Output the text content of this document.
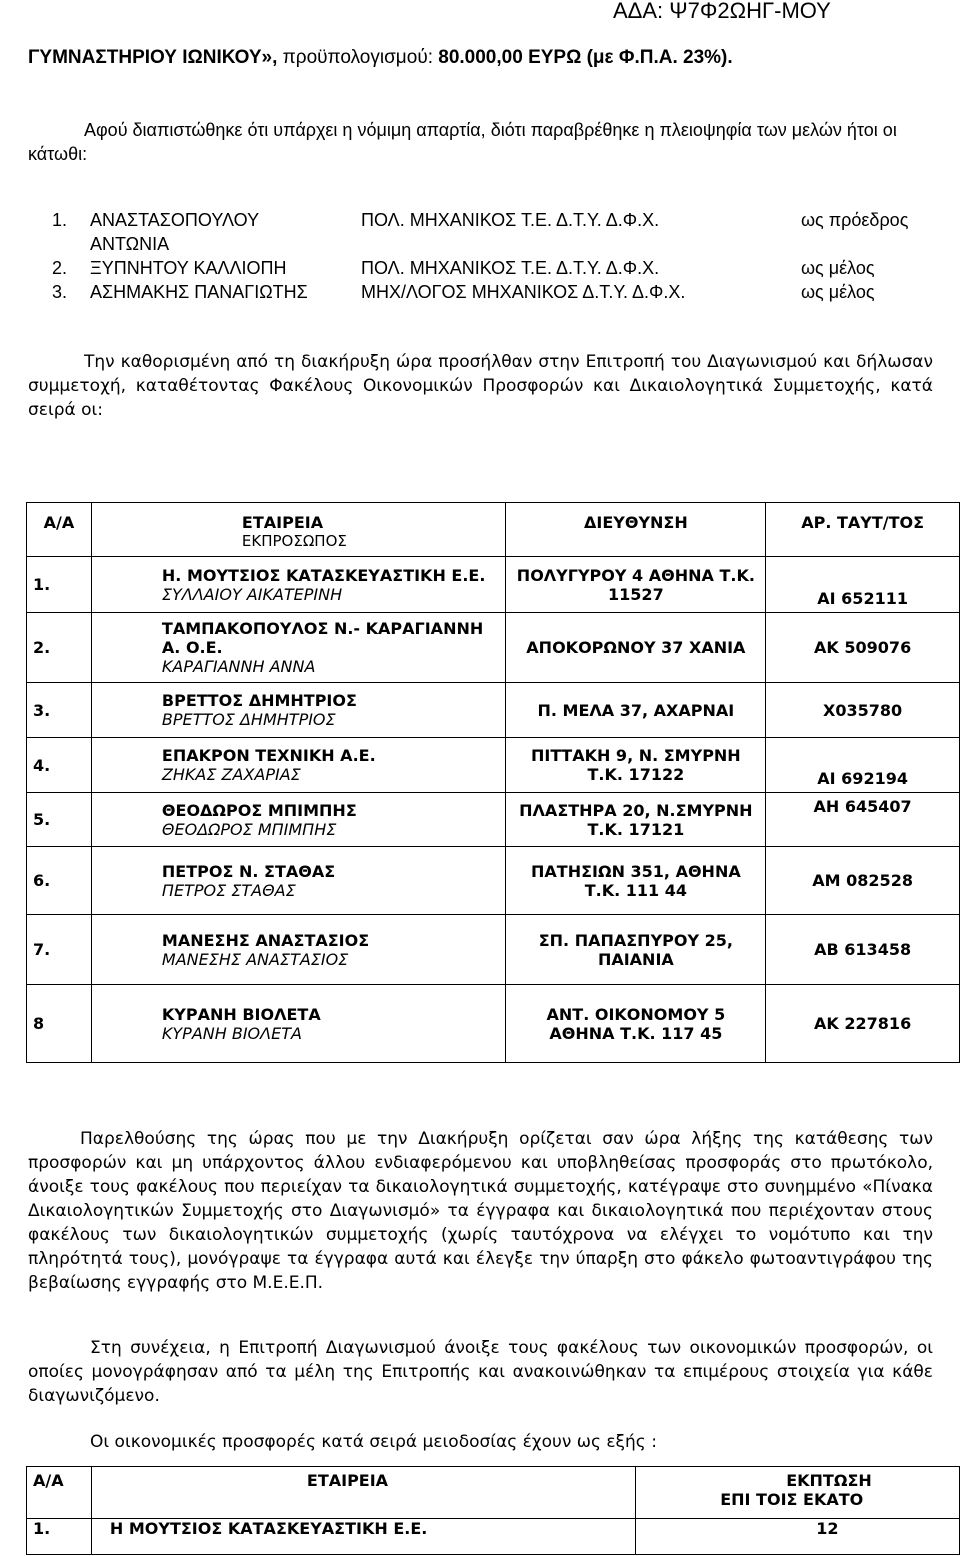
ΑΔΑ: Ψ7Φ2ΩΗΓ-ΜΟΥ
ΓΥΜΝΑΣΤΗΡΙΟΥ ΙΩΝΙΚΟΥ», προϋπολογισμού: 80.000,00 ΕΥΡΩ (με Φ.Π.Α. 23%).
Αφού διαπιστώθηκε ότι υπάρχει η νόμιμη απαρτία, διότι παραβρέθηκε η πλειοψηφία των μελών ήτοι οι κάτωθι:
1. ΑΝΑΣΤΑΣΟΠΟΥΛΟΥ
ΑΝΤΩΝΙΑ
ΠΟΛ. ΜΗΧΑΝΙΚΟΣ Τ.Ε. Δ.Τ.Υ. Δ.Φ.Χ.	ως πρόεδρος
2. ΞΥΠΝΗΤΟΥ ΚΑΛΛΙΟΠΗ	ΠΟΛ. ΜΗΧΑΝΙΚΟΣ Τ.Ε. Δ.Τ.Υ. Δ.Φ.Χ.	ως μέλος
3. ΑΣΗΜΑΚΗΣ ΠΑΝΑΓΙΩΤΗΣ	ΜΗΧ/ΛΟΓΟΣ ΜΗΧΑΝΙΚΟΣ Δ.Τ.Υ. Δ.Φ.Χ.	ως μέλος
Την καθορισμένη από τη διακήρυξη ώρα προσήλθαν στην Επιτροπή του Διαγωνισμού και δήλωσαν συμμετοχή, καταθέτοντας Φακέλους Οικονομικών Προσφορών και Δικαιολογητικά Συμμετοχής, κατά σειρά οι:
Α/Α	ΕΤΑΙΡΕΙΑ
ΕΚΠΡΟΣΩΠΟΣ	ΔΙΕΥΘΥΝΣΗ	ΑΡ. ΤΑΥΤ/ΤΟΣ
1.	Η. ΜΟΥΤΣΙΟΣ ΚΑΤΑΣΚΕΥΑΣΤΙΚΗ Ε.Ε.
ΣΥΛΛΑΙΟΥ ΑΙΚΑΤΕΡΙΝΗ	ΠΟΛΥΓΥΡΟΥ 4 ΑΘΗΝΑ Τ.Κ. 11527	ΑΙ 652111
2.	ΤΑΜΠΑΚΟΠΟΥΛΟΣ Ν.- ΚΑΡΑΓΙΑΝΝΗ Α. Ο.Ε.
ΚΑΡΑΓΙΑΝΝΗ ΑΝΝΑ	ΑΠΟΚΟΡΩΝΟΥ 37 ΧΑΝΙΑ	ΑΚ 509076
3.	ΒΡΕΤΤΟΣ ΔΗΜΗΤΡΙΟΣ
ΒΡΕΤΤΟΣ ΔΗΜΗΤΡΙΟΣ	Π. ΜΕΛΑ 37, ΑΧΑΡΝΑΙ	Χ035780
4.	ΕΠΑΚΡΟΝ ΤΕΧΝΙΚΗ Α.Ε.
ΖΗΚΑΣ ΖΑΧΑΡΙΑΣ	ΠΙΤΤΑΚΗ 9, Ν. ΣΜΥΡΝΗ Τ.Κ. 17122	ΑΙ 692194
5.	ΘΕΟΔΩΡΟΣ ΜΠΙΜΠΗΣ
ΘΕΟΔΩΡΟΣ ΜΠΙΜΠΗΣ	ΠΛΑΣΤΗΡΑ 20, Ν.ΣΜΥΡΝΗ Τ.Κ. 17121	ΑΗ 645407
6.	ΠΕΤΡΟΣ Ν. ΣΤΑΘΑΣ
ΠΕΤΡΟΣ ΣΤΑΘΑΣ	ΠΑΤΗΣΙΩΝ 351, ΑΘΗΝΑ Τ.Κ. 111 44	ΑΜ 082528
7.	ΜΑΝΕΣΗΣ ΑΝΑΣΤΑΣΙΟΣ
ΜΑΝΕΣΗΣ ΑΝΑΣΤΑΣΙΟΣ	ΣΠ. ΠΑΠΑΣΠΥΡΟΥ 25, ΠΑΙΑΝΙΑ	ΑΒ 613458
8	ΚΥΡΑΝΗ ΒΙΟΛΕΤΑ
ΚΥΡΑΝΗ ΒΙΟΛΕΤΑ	ΑΝΤ. ΟΙΚΟΝΟΜΟΥ 5 ΑΘΗΝΑ Τ.Κ. 117 45	ΑΚ 227816
Παρελθούσης της ώρας που με την Διακήρυξη ορίζεται σαν ώρα λήξης της κατάθεσης των προσφορών και μη υπάρχοντος άλλου ενδιαφερόμενου και υποβληθείσας προσφοράς στο πρωτόκολο, άνοιξε τους φακέλους που περιείχαν τα δικαιολογητικά συμμετοχής, κατέγραψε στο συνημμένο «Πίνακα Δικαιολογητικών Συμμετοχής στο Διαγωνισμό» τα έγγραφα και δικαιολογητικά που περιέχονταν στους φακέλους των δικαιολογητικών συμμετοχής (χωρίς ταυτόχρονα να ελέγχει το νομότυπο και την πληρότητά τους), μονόγραψε τα έγγραφα αυτά και έλεγξε την ύπαρξη στο φάκελο φωτοαντιγράφου της βεβαίωσης εγγραφής στο Μ.Ε.Ε.Π.
Στη συνέχεια, η Επιτροπή Διαγωνισμού άνοιξε τους φακέλους των οικονομικών προσφορών, οι οποίες μονογράφησαν από τα μέλη της Επιτροπής και ανακοινώθηκαν τα επιμέρους στοιχεία για κάθε διαγωνιζόμενο.
Οι οικονομικές προσφορές κατά σειρά μειοδοσίας έχουν ως εξής :
Α/Α	ΕΤΑΙΡΕΙΑ	ΕΚΠΤΩΣΗ
ΕΠΙ ΤΟΙΣ ΕΚΑΤΟ

1.	Η ΜΟΥΤΣΙΟΣ ΚΑΤΑΣΚΕΥΑΣΤΙΚΗ Ε.Ε.	12
